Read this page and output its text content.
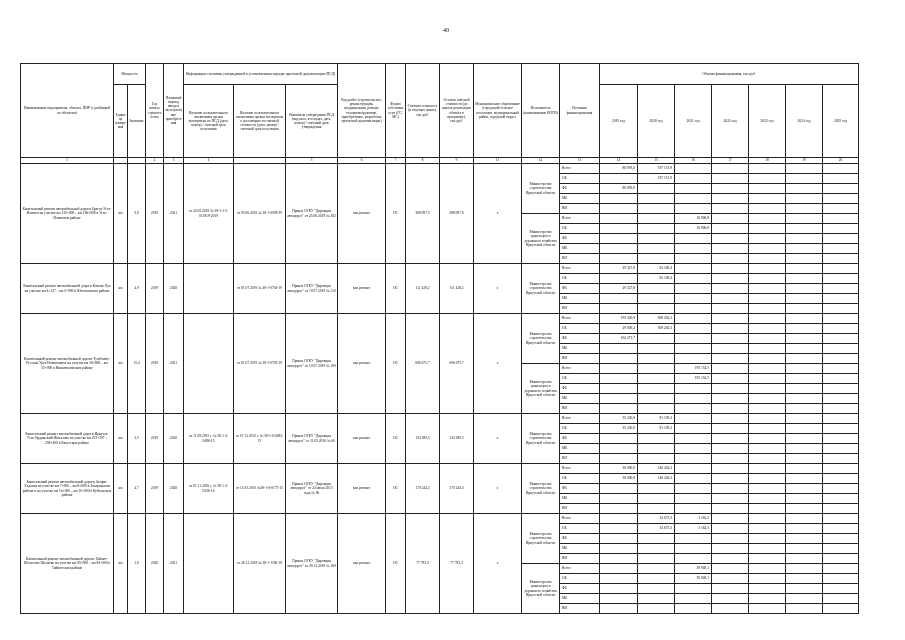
40
Наименование мероприятия, объекта, ПИР (с разбивкой по объектам)	Мощность		Год начала строительства	Плановый период ввода в эксплуатацию/приобретения	Информация о наличии утвержденной в установленном порядке проектной документации (ПСД)			Вид работ (строительство, реконструкция, модернизация, ремонт, техперевооружение, приобретение, разработка проектной документации)	Форма собственности (ГС/МС)	Сметная стоимость (в текущих ценах), тыс.руб.	Остаток сметной стоимости (до начала реализации объекта в программу), тыс.руб.	Муниципальное образование (городской/сельское поселение, муниципальный район, городской округ)	Исполнитель (наименование ИОГВ)	Источник финансирования	Объемы финансирования, тыс.руб.						
	Единица измерения	Значение			Наличие положительного заключения органа экспертизы по ПСД (дата, номер) / сметный срок получения	Наличие положительного заключения органа экспертизы о достоверности сметной стоимости (дата, номер) / сметный срок получения	Реквизиты утверждения ПСД (вид акта, кто издал, дата, номер) / сметный срок утверждения								2019 год	2020 год	2021 год	2022 год	2023 год	2024 год	2025 год
1			2	3	4		5	6	7	8	9	11	12	13	14	15	16	17	18	19	20
Капитальный ремонт автомобильной дороги Братск-Усть-Илимск на участке км 135+000 – км 166+000 в Усть-Илимском районе	км	3,0	2019	2021	от 22.05.2019 № 38-1-1-3-011819-2019	от 05.06.2019 № 38-1-0598-19	Приказ ОГКУ "Дирекция автодорог" от 25.06.2019 № 302	кап.ремонт	ОС	288 097,5	288 097,6	х	Министерство строительства Иркутской области	Всего	80 093,0	197 151,9					
														ОБ		197 151,9					
														ФБ	80 093,0						
														МБ							
														ВИ							
													Министерство транспорта и дорожного хозяйства Иркутской области	Всего			10 906,8				
														ОБ			10 906,8				
														ФБ							
														МБ							
														ВИ							
Капитальный ремонт автомобильной дороги Кочень-Лук на участке км 4+127 – км 5+900 в Шелеховском районе	км	4,9	2019	2020		от 01.07.2019 № 38-1-0704-19	Приказ ОГКУ "Дирекция автодорог" от 10.07.2019 № 110	кап.ремонт	ОС	111 428,2	111 428,2	х	Министерство строительства Иркутской области	Всего	29 327,8	82 100,4					
														ОБ		82 100,4					
														ФБ	29 327,8						
														МБ							
														ВИ							
Капитальный ремонт автомобильной дороги Тулебаево-Русская Урга-Новоилимск на участке км 38+800 – км 53+000 в Нижнеилимском районе	км	15,4	2019	2021		от 01.07.2019 № 38-1-0705-19	Приказ ОГКУ "Дирекция автодорог" от 10.07.2019 № 109	кап.ремонт	ОС	696 675,7	696 675,7	х	Министерство строительства Иркутской области	Всего	193 320,9	308 202,3					
														ОБ	29 049,2	308 202,3					
														ФБ	164 271,7						
														МБ							
														ВИ							
													Министерство транспорта и дорожного хозяйства Иркутской области	Всего			195 152,5				
														ОБ			195 152,5				
														ФБ							
														МБ							
														ВИ							
Капитальный ремонт автомобильной дороги Иркутск-Усть-Ордынский-Жигалово на участке км 253+597 – 258+400 в Качугском районе	км	3,5	2019	2020	от 11.09.2015 г. № 38-1-4-0486-15	от 07.12.2015 г. № 38-1-6-0283-15	Приказ ОГКУ "Дирекция автодорог" от 31.03.2016 № 60	кап.ремонт	ОС	134 389,5	134 389,5	х	Министерство строительства Иркутской области	Всего	35 230,0	81 159,2					
														ОБ	35 230,0	81 159,2					
														ФБ							
														МБ							
														ВИ							
Капитальный ремонт автомобильной дороги Залари-Хадахан на участке км 7+000 – км 8+000 в Заларинском районе и на участке км 14+300 – км 16+000 в Куйтунском районе	км	4,7	2019	2020	от 01.11.2016 г. № 38-1-4-0326-16	от 11.03.2015 №38-1-6-0175-15	Приказ ОГКУ "Дирекция автодорог" от 24 июля 2015 года № 96	кап.ремонт	ОС	170 244,3	170 244,3	х	Министерство строительства Иркутской области	Всего	30 000,0	140 244,3					
														ОБ	30 000,0	140 244,3					
														ФБ							
														МБ							
														ВИ							
Капитальный ремонт автомобильной дороги Тайшет-Шелехово-Шелаево на участке км 83+000 – км 84+000 в Тайшетском районе	км	1,0	2020	2021		от 26.12.2018 № 38-1-1180-18	Приказ ОГКУ "Дирекция автодорог" от 29.12.2018 № 168	кап.ремонт	ОС	77 783,3	77 783,3	х	Министерство строительства Иркутской области	Всего		34 673,3	3 162,3				
														ОБ		34 673,3	3 162,3				
														ФБ							
														МБ							
														ВИ							
													Министерство транспорта и дорожного хозяйства Иркутской области	Всего			39 948,1				
														ОБ			39 948,1				
														ФБ							
														МБ							
														ВИ							
